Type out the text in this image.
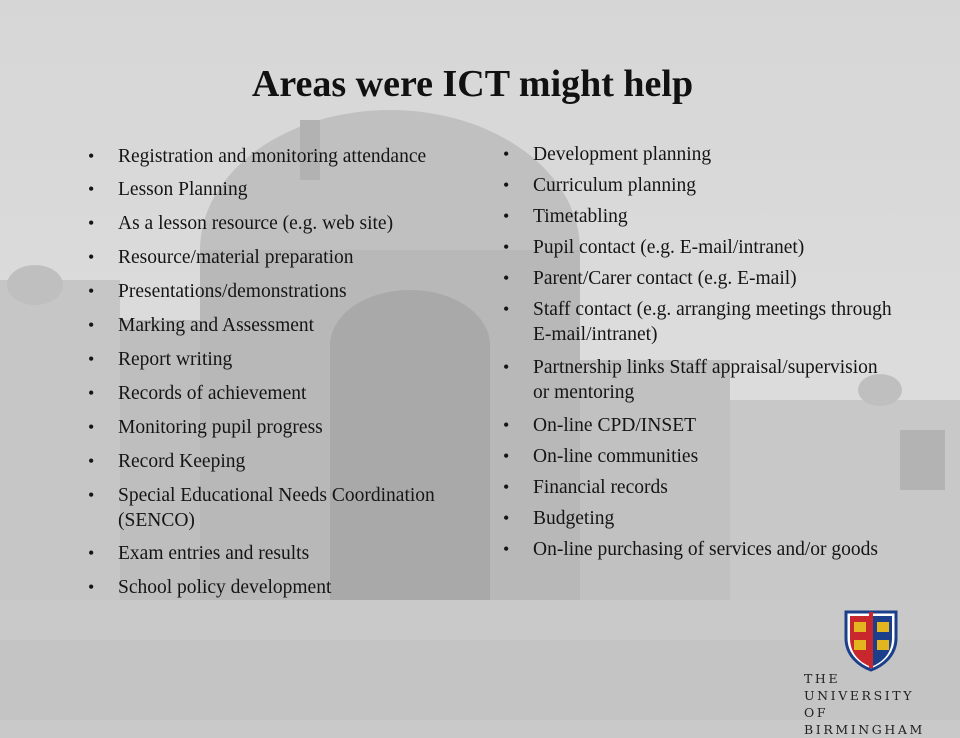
Areas were ICT might help
• Registration and monitoring attendance
• Lesson Planning
• As a lesson resource (e.g. web site)
• Resource/material preparation
• Presentations/demonstrations
• Marking and Assessment
• Report writing
• Records of achievement
• Monitoring pupil progress
• Record Keeping
• Special Educational Needs Coordination (SENCO)
• Exam entries and results
• School policy development
• Development planning
• Curriculum planning
• Timetabling
• Pupil contact (e.g. E-mail/intranet)
• Parent/Carer contact (e.g. E-mail)
• Staff contact (e.g. arranging meetings through E-mail/intranet)
• Partnership links Staff appraisal/supervision or mentoring
• On-line CPD/INSET
• On-line communities
• Financial records
• Budgeting
• On-line purchasing of services and/or goods
THE UNIVERSITY
OF BIRMINGHAM
